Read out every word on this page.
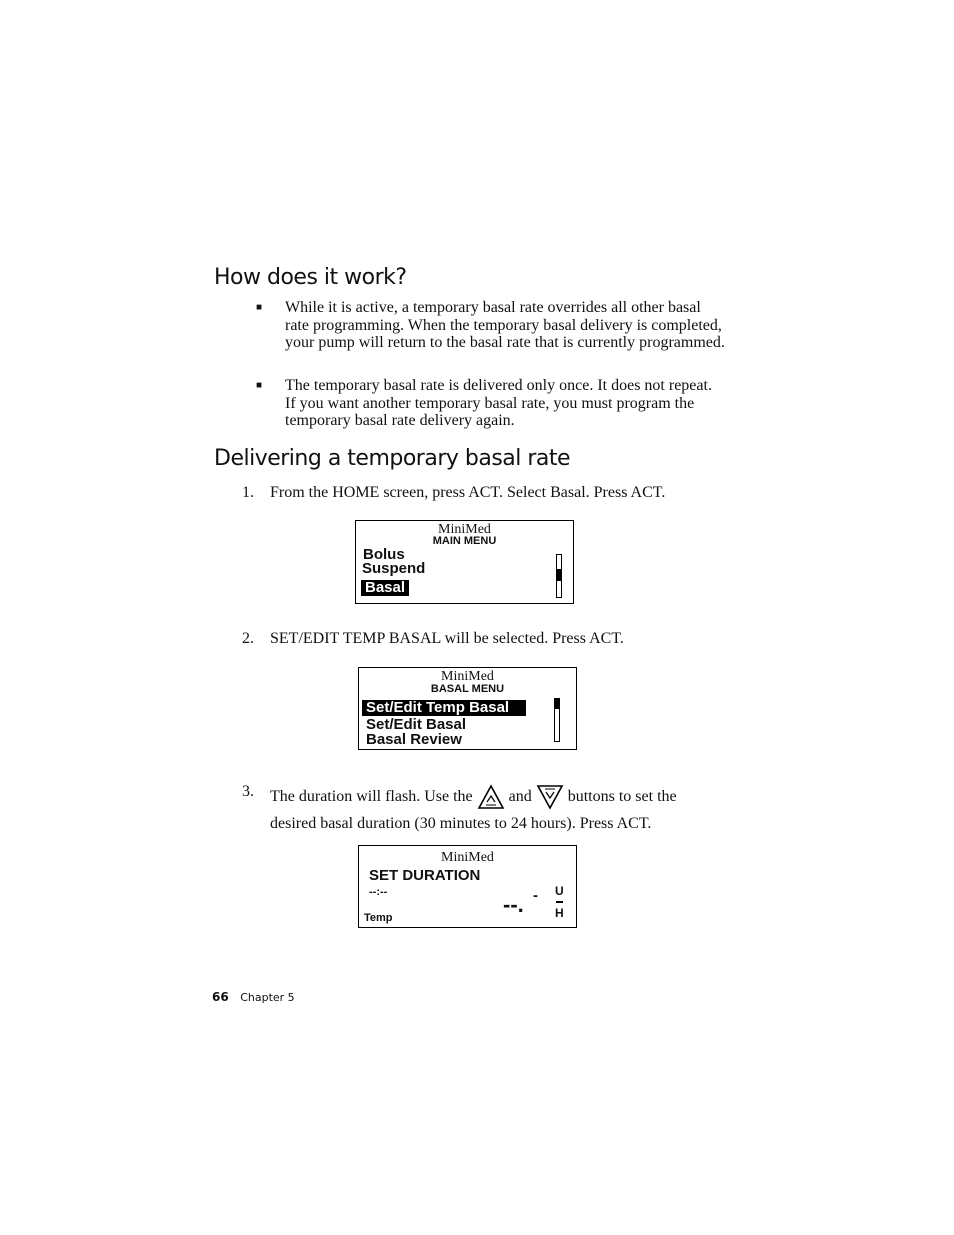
How does it work?
■ While it is active, a temporary basal rate overrides all other basal rate programming. When the temporary basal delivery is completed, your pump will return to the basal rate that is currently programmed.
■ The temporary basal rate is delivered only once. It does not repeat. If you want another temporary basal rate, you must program the temporary basal rate delivery again.
Delivering a temporary basal rate
1. From the HOME screen, press ACT. Select Basal. Press ACT.
MiniMed
MAIN MENU
Bolus
Suspend
Basal
2. SET/EDIT TEMP BASAL will be selected. Press ACT.
MiniMed
BASAL MENU
Set/Edit Temp Basal
Set/Edit Basal
Basal Review
3. The duration will flash. Use the and buttons to set the
desired basal duration (30 minutes to 24 hours). Press ACT.
MiniMed
SET DURATION
--:--
Temp
--. - U
H
66 Chapter 5
